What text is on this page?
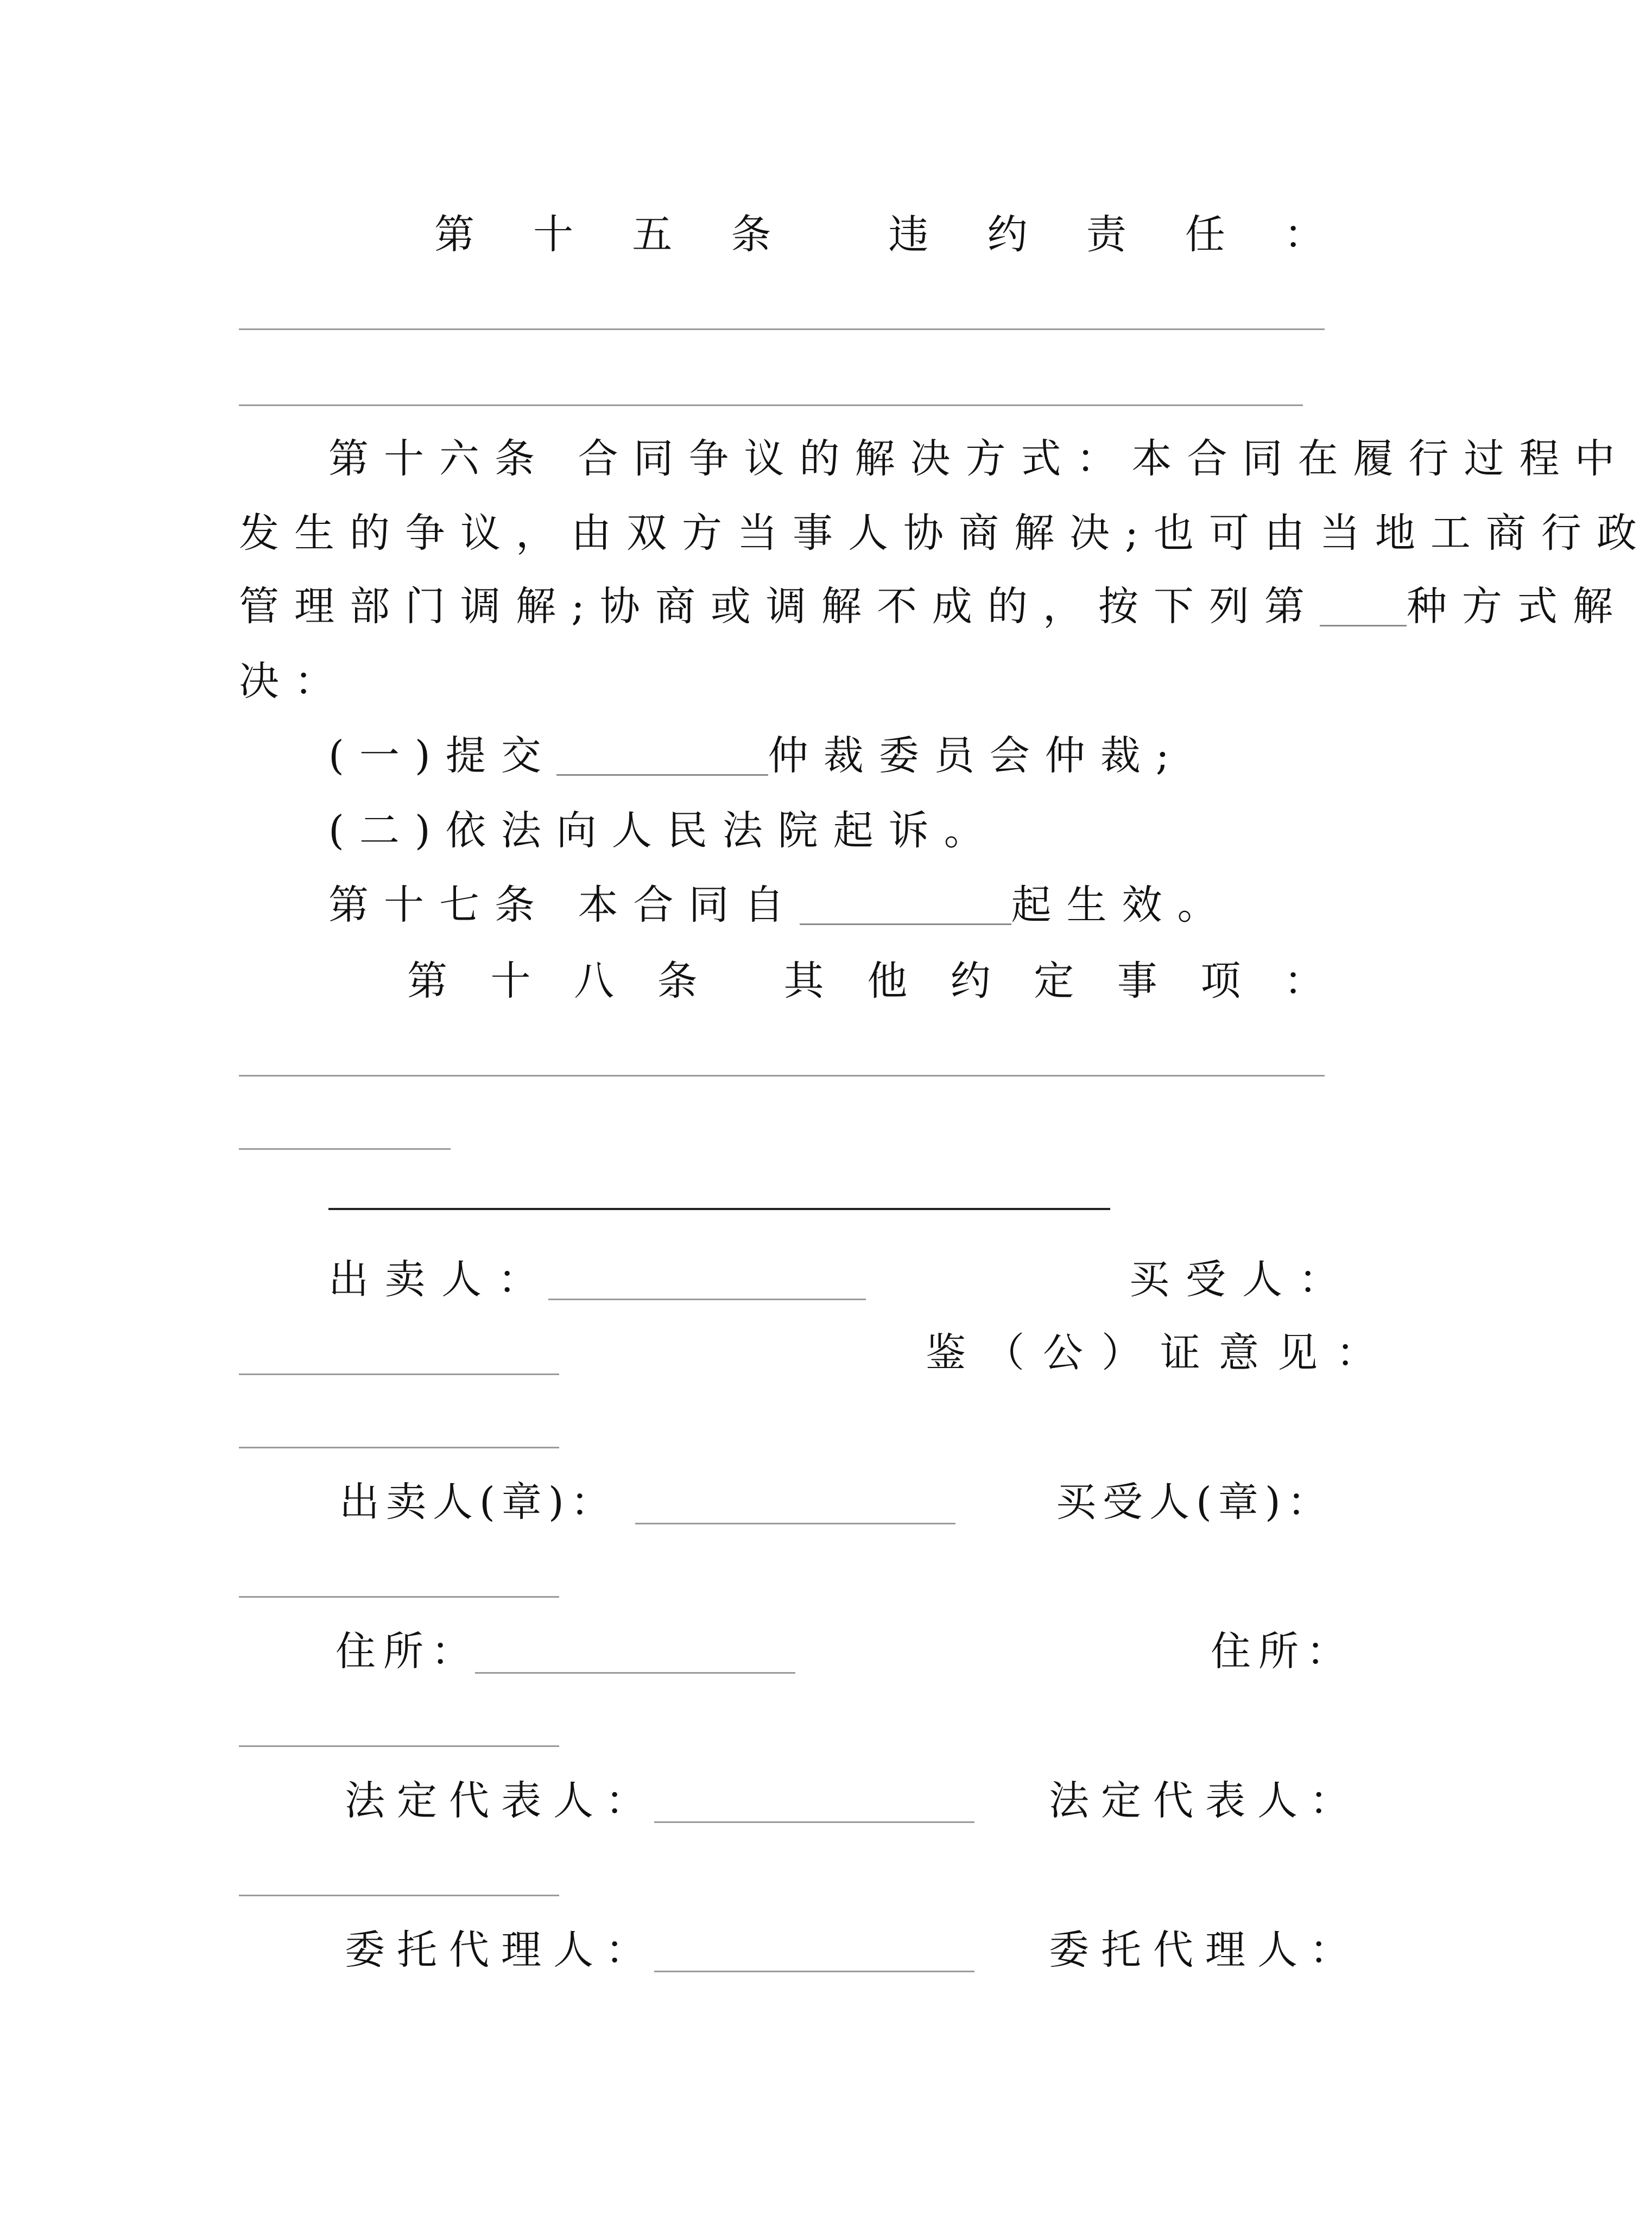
第 十 五 条	违 约 责 任 ：
第十六条 合同争议的解决方式：本合同在履行过程中
发生的争议，由双方当事人协商解决;也可由当地工商行政
管理部门调解;协商或调解不成的，按下列第 种方式解
决：
(一)提交	仲裁委员会仲裁;
(二)依法向人民法院起诉。
第十七条 本合同自	起生效。
第 十 八 条 其 他 约 定 事 项 ：
出卖人：	买受人：
鉴（公）证意见：
出卖人(章)：	买受人(章)：
住所：	住所：
法定代表人：	法定代表人：
委托代理人：	委托代理人：
